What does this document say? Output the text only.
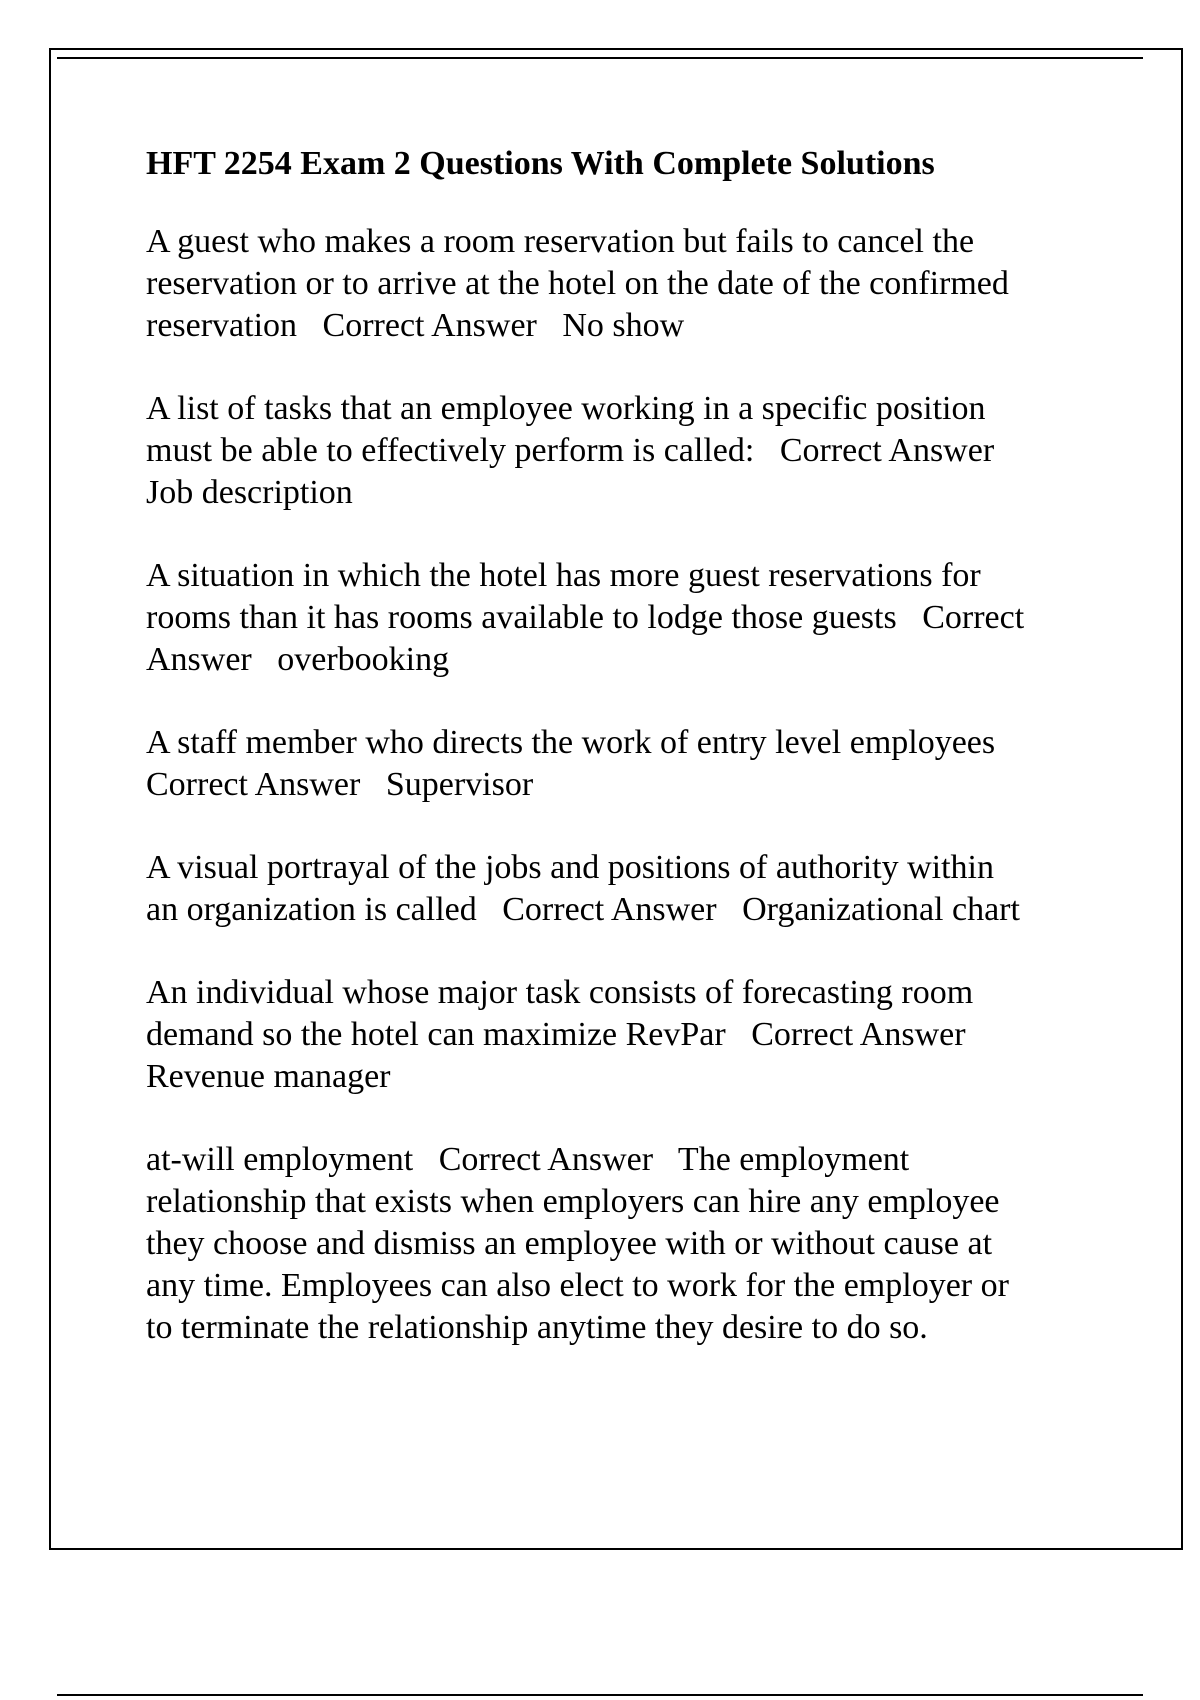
HFT 2254 Exam 2 Questions With Complete Solutions
A guest who makes a room reservation but fails to cancel the
reservation or to arrive at the hotel on the date of the confirmed
reservation   Correct Answer   No show
A list of tasks that an employee working in a specific position
must be able to effectively perform is called:   Correct Answer
Job description
A situation in which the hotel has more guest reservations for
rooms than it has rooms available to lodge those guests   Correct
Answer   overbooking
A staff member who directs the work of entry level employees
Correct Answer   Supervisor
A visual portrayal of the jobs and positions of authority within
an organization is called   Correct Answer   Organizational chart
An individual whose major task consists of forecasting room
demand so the hotel can maximize RevPar   Correct Answer
Revenue manager
at-will employment   Correct Answer   The employment
relationship that exists when employers can hire any employee
they choose and dismiss an employee with or without cause at
any time. Employees can also elect to work for the employer or
to terminate the relationship anytime they desire to do so.
